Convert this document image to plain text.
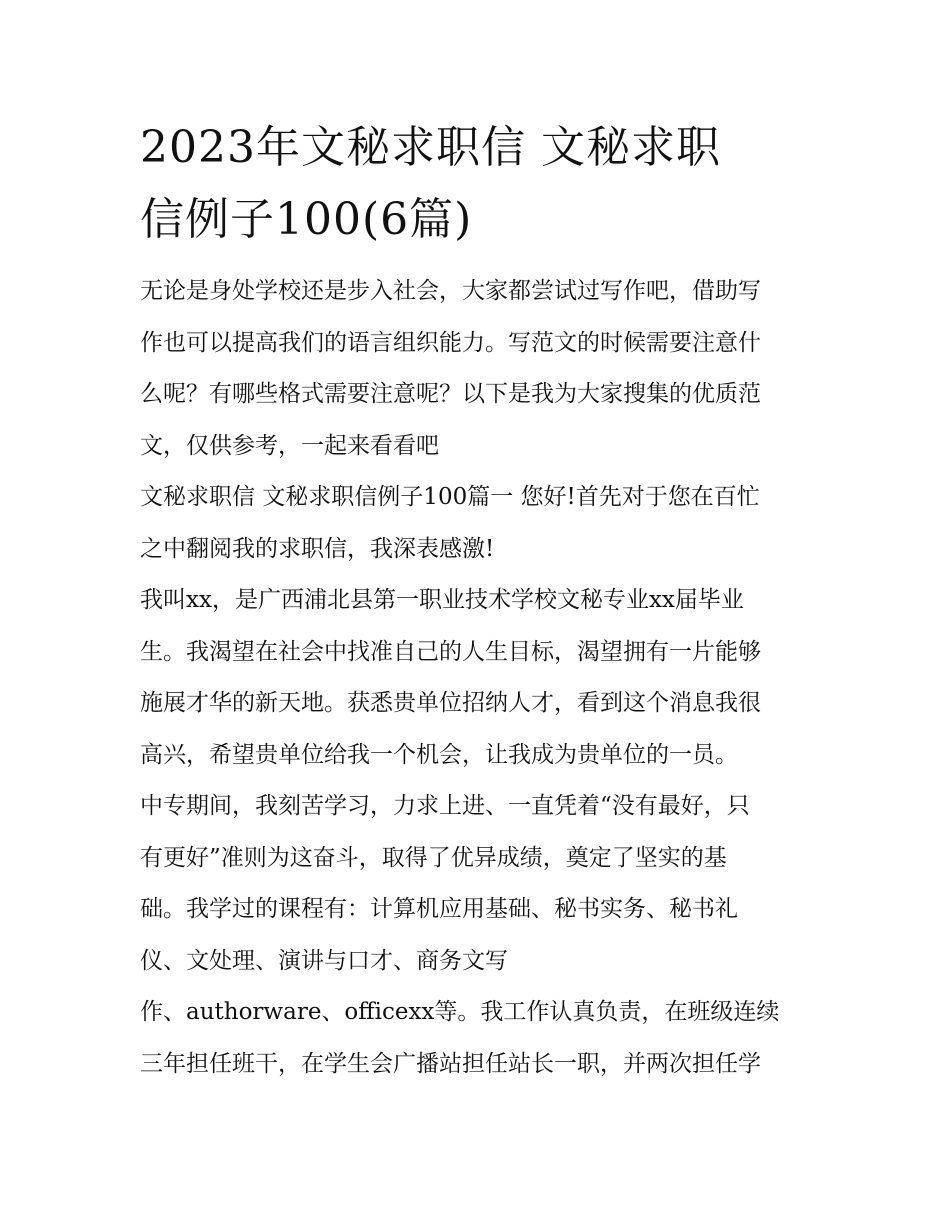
2023年文秘求职信 文秘求职
信例子100(6篇)
无论是身处学校还是步入社会，大家都尝试过写作吧，借助写
作也可以提高我们的语言组织能力。写范文的时候需要注意什
么呢？有哪些格式需要注意呢？以下是我为大家搜集的优质范
文，仅供参考，一起来看看吧
文秘求职信 文秘求职信例子100篇一 您好!首先对于您在百忙
之中翻阅我的求职信，我深表感激!
我叫xx，是广西浦北县第一职业技术学校文秘专业xx届毕业
生。我渴望在社会中找准自己的人生目标，渴望拥有一片能够
施展才华的新天地。获悉贵单位招纳人才，看到这个消息我很
高兴，希望贵单位给我一个机会，让我成为贵单位的一员。
中专期间，我刻苦学习，力求上进、一直凭着“没有最好，只
有更好”准则为这奋斗，取得了优异成绩，奠定了坚实的基
础。我学过的课程有：计算机应用基础、秘书实务、秘书礼
仪、文处理、演讲与口才、商务文写
作、authorware、officexx等。我工作认真负责，在班级连续
三年担任班干，在学生会广播站担任站长一职，并两次担任学
